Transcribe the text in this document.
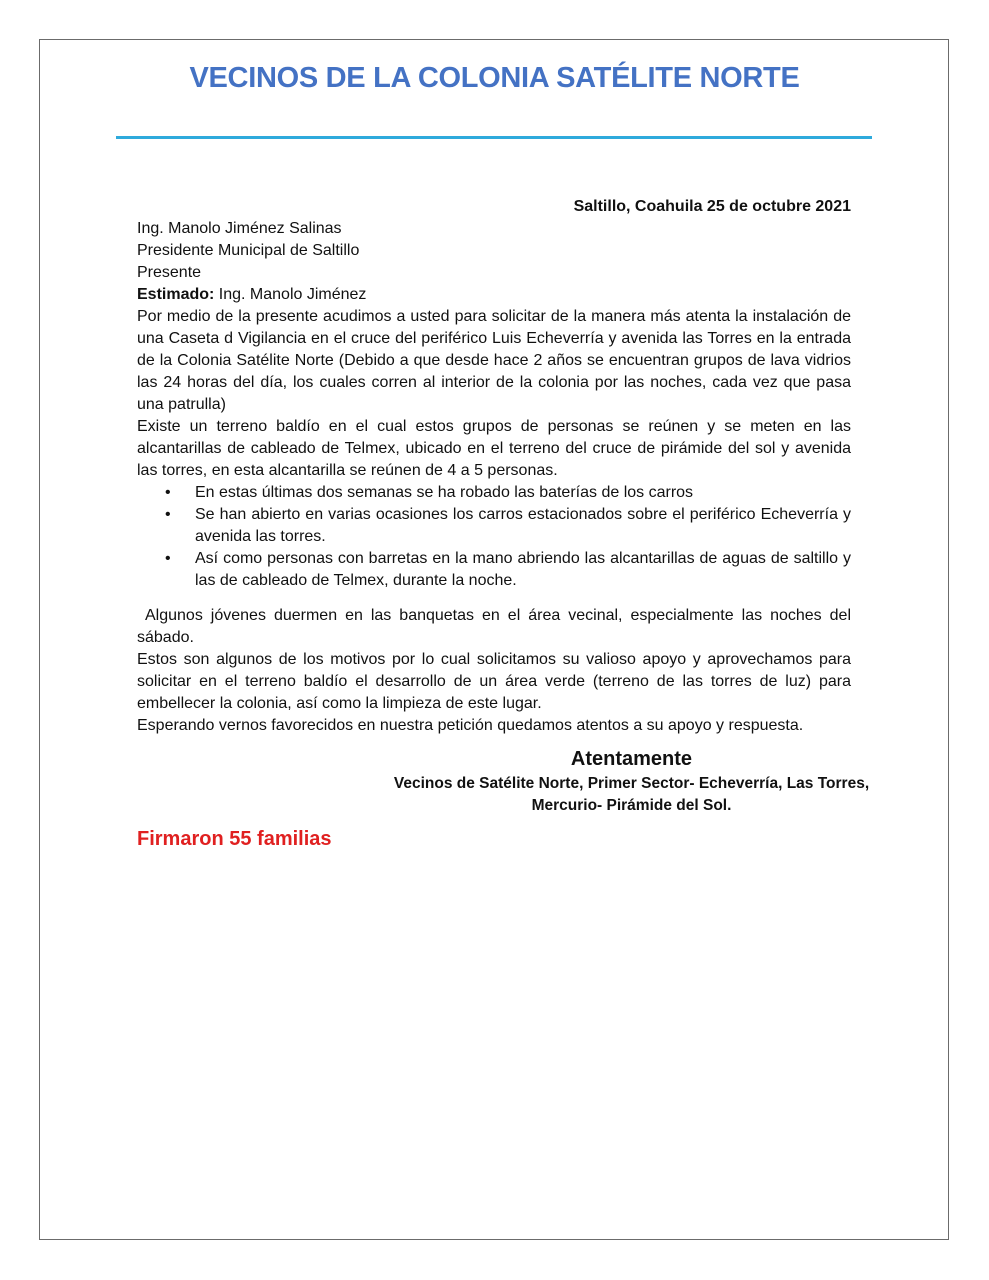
VECINOS DE LA COLONIA SATÉLITE NORTE

Saltillo, Coahuila 25 de octubre 2021

Ing. Manolo Jiménez Salinas

Presidente Municipal de Saltillo

Presente

Estimado: Ing. Manolo Jiménez

Por medio de la presente acudimos a usted para solicitar de la manera más atenta la instalación de una Caseta d Vigilancia en el cruce del periférico Luis Echeverría y avenida las Torres en la entrada de la Colonia Satélite Norte (Debido a que desde hace 2 años se encuentran grupos de lava vidrios las 24 horas del día, los cuales corren al interior de la colonia por las noches, cada vez que pasa una patrulla)

Existe un terreno baldío en el cual estos grupos de personas se reúnen y se meten en las alcantarillas de cableado de Telmex, ubicado en el terreno del cruce de pirámide del sol y avenida las torres, en esta alcantarilla se reúnen de 4 a 5 personas.

• En estas últimas dos semanas se ha robado las baterías de los carros
• Se han abierto en varias ocasiones los carros estacionados sobre el periférico Echeverría y avenida las torres.
• Así como personas con barretas en la mano abriendo las alcantarillas de aguas de saltillo y las de cableado de Telmex, durante la noche.

Algunos jóvenes duermen en las banquetas en el área vecinal, especialmente las noches del sábado.

Estos son algunos de los motivos por lo cual solicitamos su valioso apoyo y aprovechamos para solicitar en el terreno baldío el desarrollo de un área verde (terreno de las torres de luz) para embellecer la colonia, así como la limpieza de este lugar.

Esperando vernos favorecidos en nuestra petición quedamos atentos a su apoyo y respuesta.

Atentamente

Vecinos de Satélite Norte, Primer Sector- Echeverría, Las Torres,

Mercurio- Pirámide del Sol.

Firmaron 55 familias
